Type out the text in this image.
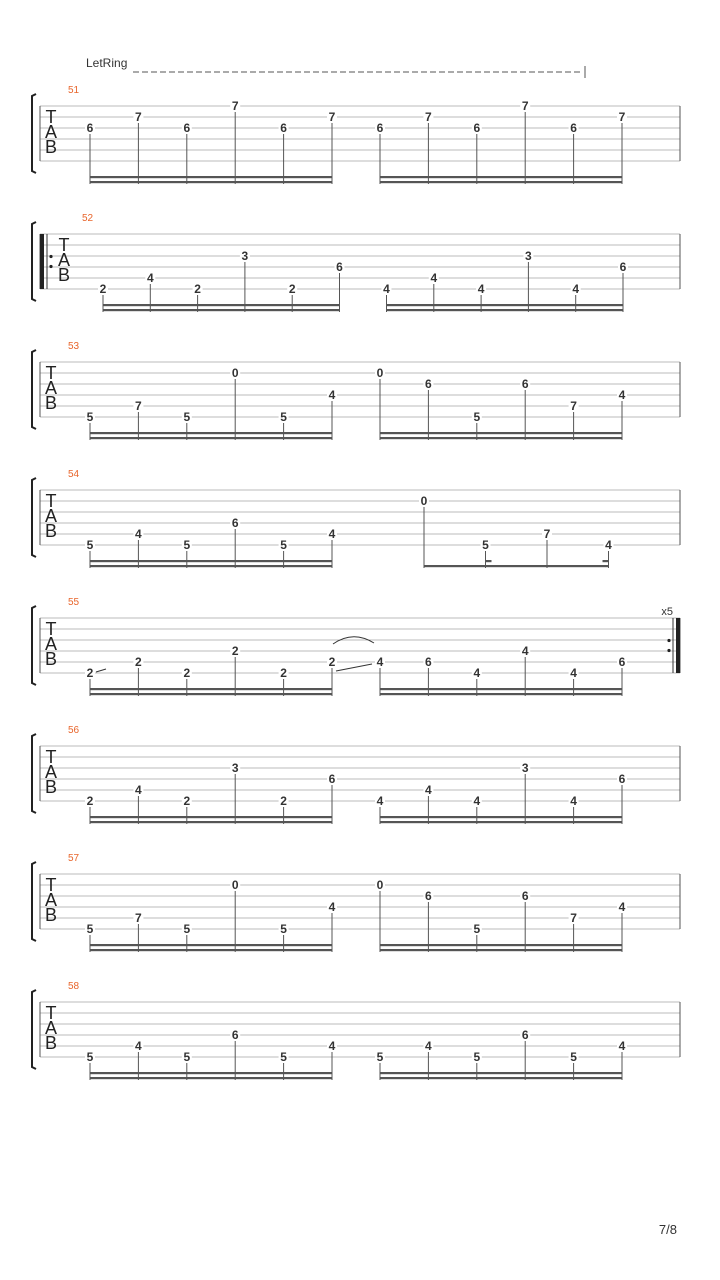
LetRing
51
T
A
B
6
7
6
7
6
7
6
7
6
7
6
7
52
T
A
B
2
4
2
3
2
6
4
4
4
3
4
6
53
T
A
B
5
7
5
0
5
4
0
6
5
6
7
4
54
T
A
B
5
4
5
6
5
4
0
5
7
4
55
T
A
B
x5
2
2
2
2
2
2	4	6
4
4
4
6
56
T
A
B
2
4
2
3
2
6
4
4
4
3
4
6
57
T
A
B
5
7
5
0
5
4
0
6
5
6
7
4
58
T
A
B
5
4
5
6
5
4
5
4
5
6
5
4
7/8
